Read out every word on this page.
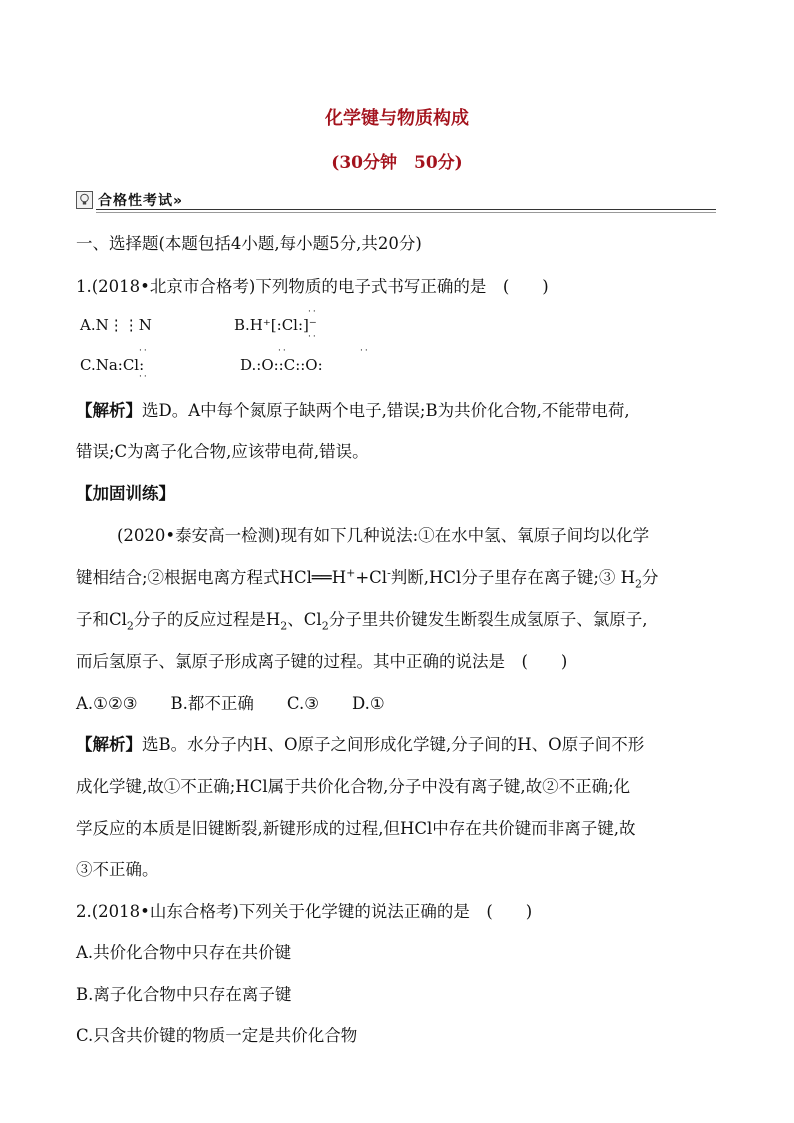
化学键与物质构成
(30分钟　50分)
合格性考试»
一、选择题(本题包括4小题,每小题5分,共20分)
1.(2018•北京市合格考)下列物质的电子式书写正确的是　(　　)
A.N⋮⋮N	B.H⁺[:Cl:]⁻
··
··
C.Na:Cl:
··
··
D.:O::C::O:
··	··
【解析】选D。A中每个氮原子缺两个电子,错误;B为共价化合物,不能带电荷,
错误;C为离子化合物,应该带电荷,错误。
【加固训练】
(2020•泰安高一检测)现有如下几种说法:①在水中氢、氧原子间均以化学
键相结合;②根据电离方程式HCl══H++Cl-判断,HCl分子里存在离子键;③ $H_2$分
子和$Cl_2$分子的反应过程是$H_2$、$Cl_2$分子里共价键发生断裂生成氢原子、氯原子,
而后氢原子、氯原子形成离子键的过程。其中正确的说法是　(　　)
A.①②③　　B.都不正确　　C.③　　D.①
【解析】选B。水分子内H、O原子之间形成化学键,分子间的H、O原子间不形
成化学键,故①不正确;HCl属于共价化合物,分子中没有离子键,故②不正确;化
学反应的本质是旧键断裂,新键形成的过程,但HCl中存在共价键而非离子键,故
③不正确。
2.(2018•山东合格考)下列关于化学键的说法正确的是　(　　)
A.共价化合物中只存在共价键
B.离子化合物中只存在离子键
C.只含共价键的物质一定是共价化合物
